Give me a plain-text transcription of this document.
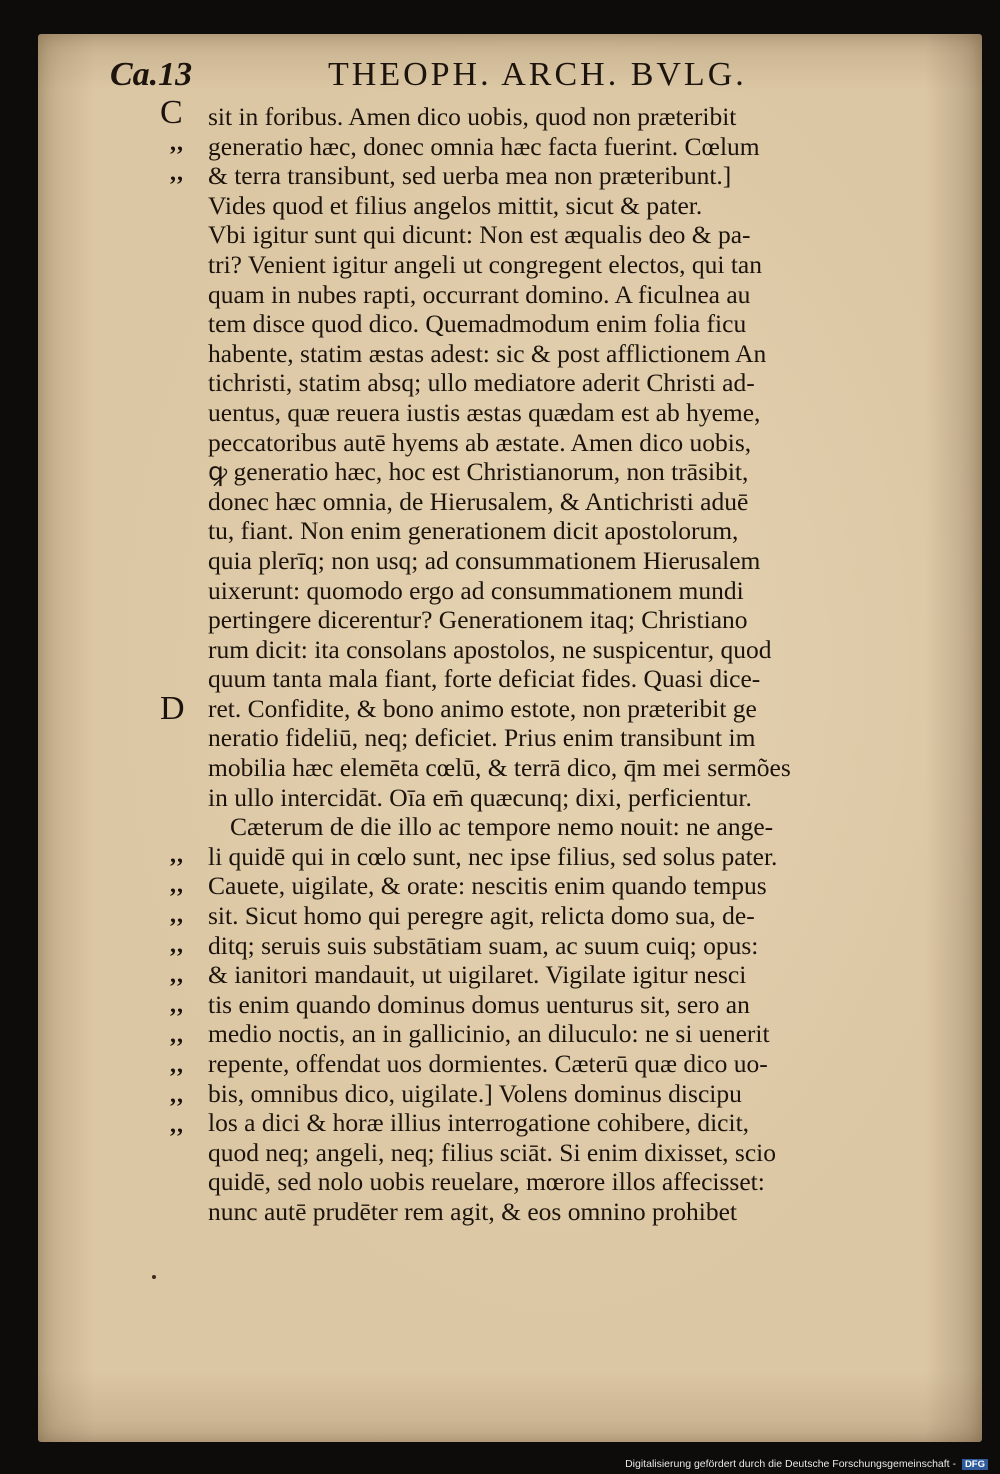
Ca.13	THEOPH. ARCH. BVLG.
C
,,
,,
D
,,
,,
,,
,,
,,
,,
,,
,,
,,
,,
sit in foribus. Amen dico uobis, quod non præteribit
generatio hæc, donec omnia hæc facta fuerint. Cœlum
& terra transibunt, sed uerba mea non præteribunt.]
Vides quod et filius angelos mittit, sicut & pater.
Vbi igitur sunt qui dicunt: Non est æqualis deo & pa-
tri? Venient igitur angeli ut congregent electos, qui tan
quam in nubes rapti, occurrant domino. A ficulnea au
tem disce quod dico. Quemadmodum enim folia ficu
habente, statim æstas adest: sic & post afflictionem An
tichristi, statim absq; ullo mediatore aderit Christi ad-
uentus, quæ reuera iustis æstas quædam est ab hyeme,
peccatoribus autē hyems ab æstate. Amen dico uobis,
ꝙ generatio hæc, hoc est Christianorum, non trāsibit,
donec hæc omnia, de Hierusalem, & Antichristi aduē
tu, fiant. Non enim generationem dicit apostolorum,
quia plerīq; non usq; ad consummationem Hierusalem
uixerunt: quomodo ergo ad consummationem mundi
pertingere dicerentur? Generationem itaq; Christiano
rum dicit: ita consolans apostolos, ne suspicentur, quod
quum tanta mala fiant, forte deficiat fides. Quasi dice-
ret. Confidite, & bono animo estote, non præteribit ge
neratio fideliū, neq; deficiet. Prius enim transibunt im
mobilia hæc elemēta cœlū, & terrā dico, q̄m mei sermões
in ullo intercidāt. Oīa em̄ quæcunq; dixi, perficientur.
Cæterum de die illo ac tempore nemo nouit: ne ange-
li quidē qui in cœlo sunt, nec ipse filius, sed solus pater.
Cauete, uigilate, & orate: nescitis enim quando tempus
sit. Sicut homo qui peregre agit, relicta domo sua, de-
ditq; seruis suis substātiam suam, ac suum cuiq; opus:
& ianitori mandauit, ut uigilaret. Vigilate igitur nesci
tis enim quando dominus domus uenturus sit, sero an
medio noctis, an in gallicinio, an diluculo: ne si uenerit
repente, offendat uos dormientes. Cæterū quæ dico uo-
bis, omnibus dico, uigilate.] Volens dominus discipu
los a dici & horæ illius interrogatione cohibere, dicit,
quod neq; angeli, neq; filius sciāt. Si enim dixisset, scio
quidē, sed nolo uobis reuelare, mœrore illos affecisset:
nunc autē prudēter rem agit, & eos omnino prohibet
Digitalisierung gefördert durch die Deutsche Forschungsgemeinschaft - DFG
